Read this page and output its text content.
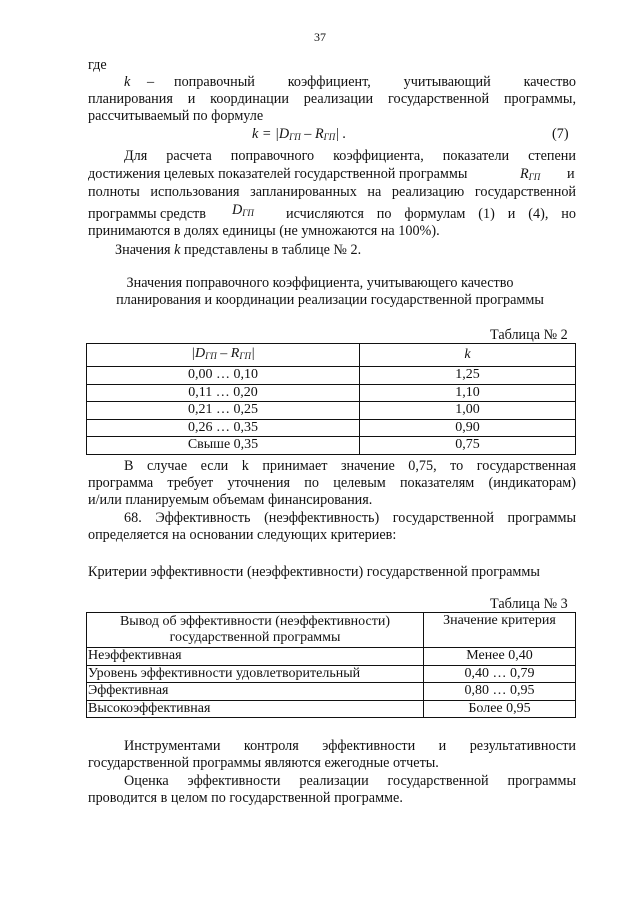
37
где
k – поправочный коэффициент, учитывающий качество
планирования и координации реализации государственной программы,
рассчитываемый по формуле
$k = |D_{ГП} - R_{ГП}|$ .	(7)
Для расчета поправочного коэффициента, показатели степени
достижения целевых показателей государственной программы	$R_{ГП}$ и
полноты использования запланированных на реализацию государственной
программы средств $D_{ГП}$ исчисляются по формулам (1) и (4), но
принимаются в долях единицы (не умножаются на 100%).
Значения k представлены в таблице № 2.
Значения поправочного коэффициента, учитывающего качество
планирования и координации реализации государственной программы
Таблица № 2
$|D_{ГП} - R_{ГП}|$	k
0,00 … 0,10	1,25
0,11 … 0,20	1,10
0,21 … 0,25	1,00
0,26 … 0,35	0,90
Свыше 0,35	0,75
В случае если k принимает значение 0,75, то государственная
программа требует уточнения по целевым показателям (индикаторам)
и/или планируемым объемам финансирования.
68. Эффективность (неэффективность) государственной программы
определяется на основании следующих критериев:
Критерии эффективности (неэффективности) государственной программы
Таблица № 3
Вывод об эффективности (неэффективности)
государственной программы	Значение критерия
Неэффективная	Менее 0,40
Уровень эффективности удовлетворительный	0,40 … 0,79
Эффективная	0,80 … 0,95
Высокоэффективная	Более 0,95
Инструментами контроля эффективности и результативности
государственной программы являются ежегодные отчеты.
Оценка эффективности реализации государственной программы
проводится в целом по государственной программе.
